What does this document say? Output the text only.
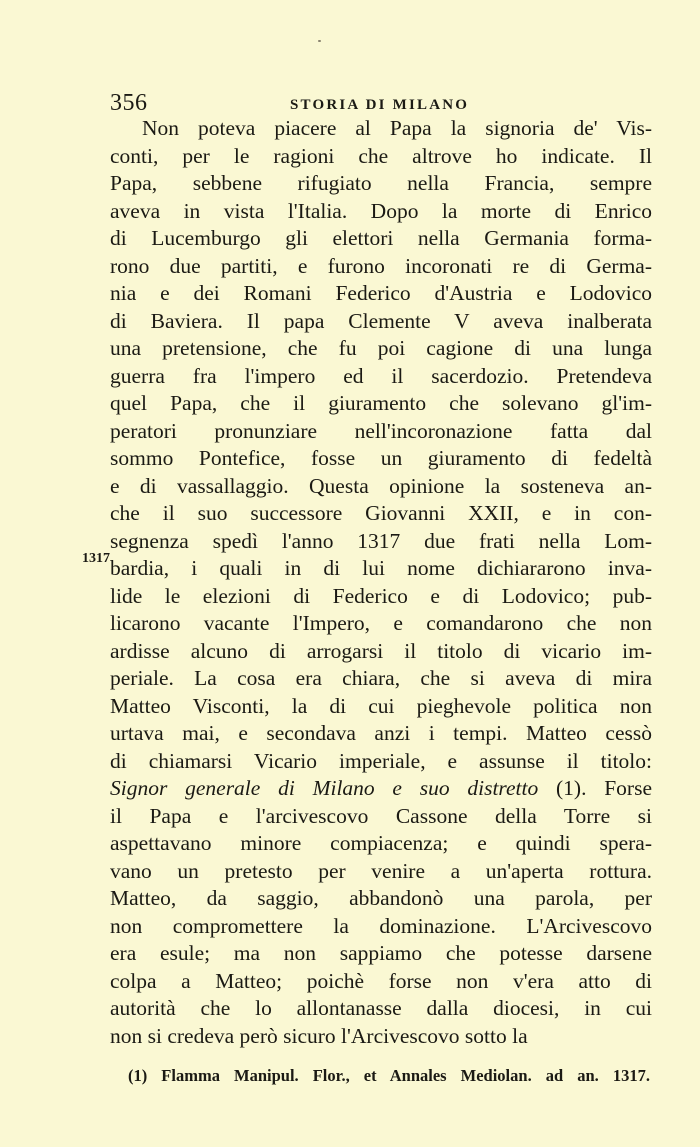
356	STORIA DI MILANO
1317
Non poteva piacere al Papa la signoria de' Vis-
conti, per le ragioni che altrove ho indicate. Il
Papa, sebbene rifugiato nella Francia, sempre
aveva in vista l'Italia. Dopo la morte di Enrico
di Lucemburgo gli elettori nella Germania forma-
rono due partiti, e furono incoronati re di Germa-
nia e dei Romani Federico d'Austria e Lodovico
di Baviera. Il papa Clemente V aveva inalberata
una pretensione, che fu poi cagione di una lunga
guerra fra l'impero ed il sacerdozio. Pretendeva
quel Papa, che il giuramento che solevano gl'im-
peratori pronunziare nell'incoronazione fatta dal
sommo Pontefice, fosse un giuramento di fedeltà
e di vassallaggio. Questa opinione la sosteneva an-
che il suo successore Giovanni XXII, e in con-
segnenza spedì l'anno 1317 due frati nella Lom-
bardia, i quali in di lui nome dichiararono inva-
lide le elezioni di Federico e di Lodovico; pub-
licarono vacante l'Impero, e comandarono che non
ardisse alcuno di arrogarsi il titolo di vicario im-
periale. La cosa era chiara, che si aveva di mira
Matteo Visconti, la di cui pieghevole politica non
urtava mai, e secondava anzi i tempi. Matteo cessò
di chiamarsi Vicario imperiale, e assunse il titolo:
Signor generale di Milano e suo distretto (1). Forse
il Papa e l'arcivescovo Cassone della Torre si
aspettavano minore compiacenza; e quindi spera-
vano un pretesto per venire a un'aperta rottura.
Matteo, da saggio, abbandonò una parola, per
non compromettere la dominazione. L'Arcivescovo
era esule; ma non sappiamo che potesse darsene
colpa a Matteo; poichè forse non v'era atto di
autorità che lo allontanasse dalla diocesi, in cui
non si credeva però sicuro l'Arcivescovo sotto la
(1) Flamma Manipul. Flor., et Annales Mediolan. ad an. 1317.
